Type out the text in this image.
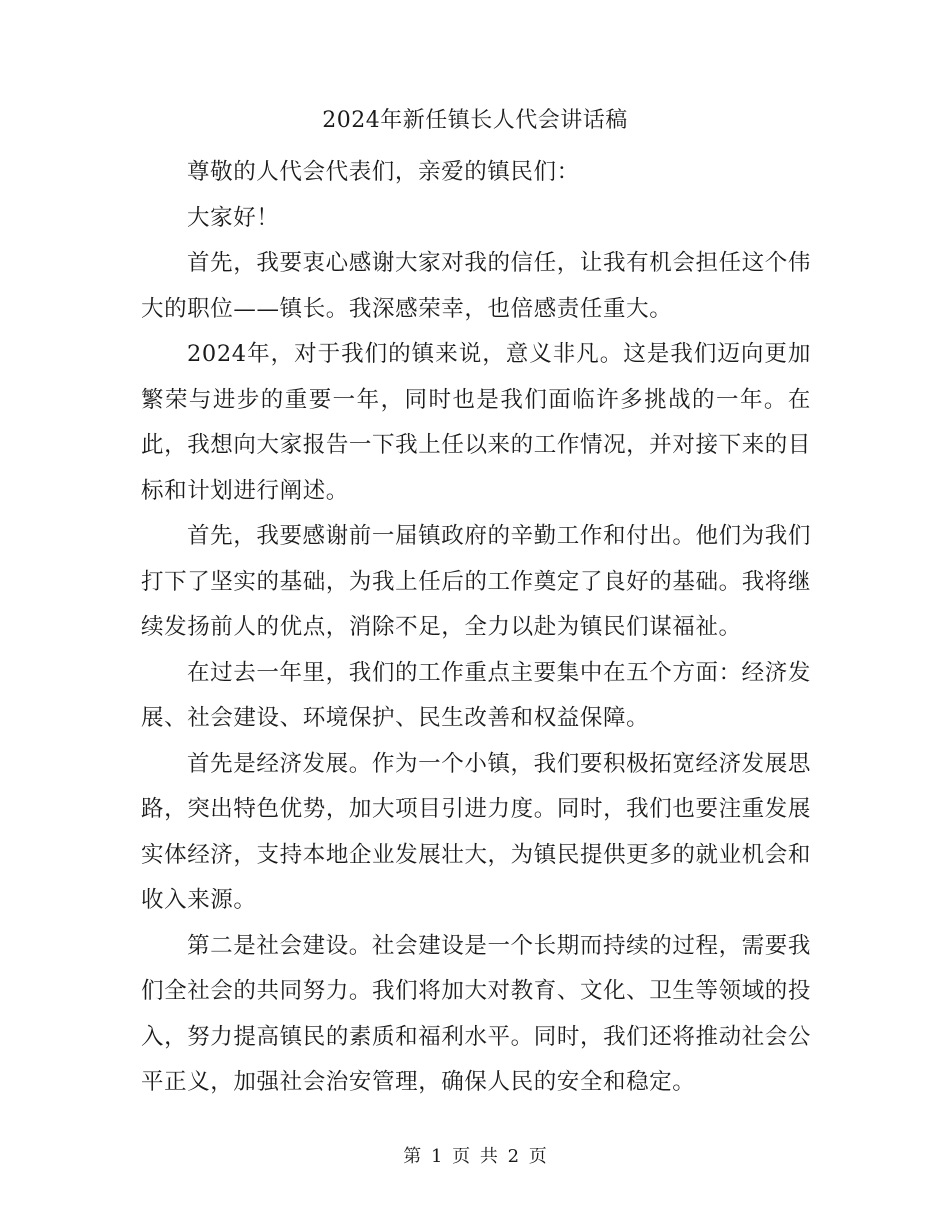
2024年新任镇长人代会讲话稿

尊敬的人代会代表们，亲爱的镇民们：

大家好！

首先，我要衷心感谢大家对我的信任，让我有机会担任这个伟大的职位——镇长。我深感荣幸，也倍感责任重大。

2024年，对于我们的镇来说，意义非凡。这是我们迈向更加繁荣与进步的重要一年，同时也是我们面临许多挑战的一年。在此，我想向大家报告一下我上任以来的工作情况，并对接下来的目标和计划进行阐述。

首先，我要感谢前一届镇政府的辛勤工作和付出。他们为我们打下了坚实的基础，为我上任后的工作奠定了良好的基础。我将继续发扬前人的优点，消除不足，全力以赴为镇民们谋福祉。

在过去一年里，我们的工作重点主要集中在五个方面：经济发展、社会建设、环境保护、民生改善和权益保障。

首先是经济发展。作为一个小镇，我们要积极拓宽经济发展思路，突出特色优势，加大项目引进力度。同时，我们也要注重发展实体经济，支持本地企业发展壮大，为镇民提供更多的就业机会和收入来源。

第二是社会建设。社会建设是一个长期而持续的过程，需要我们全社会的共同努力。我们将加大对教育、文化、卫生等领域的投入，努力提高镇民的素质和福利水平。同时，我们还将推动社会公平正义，加强社会治安管理，确保人民的安全和稳定。

第 1 页 共 2 页
